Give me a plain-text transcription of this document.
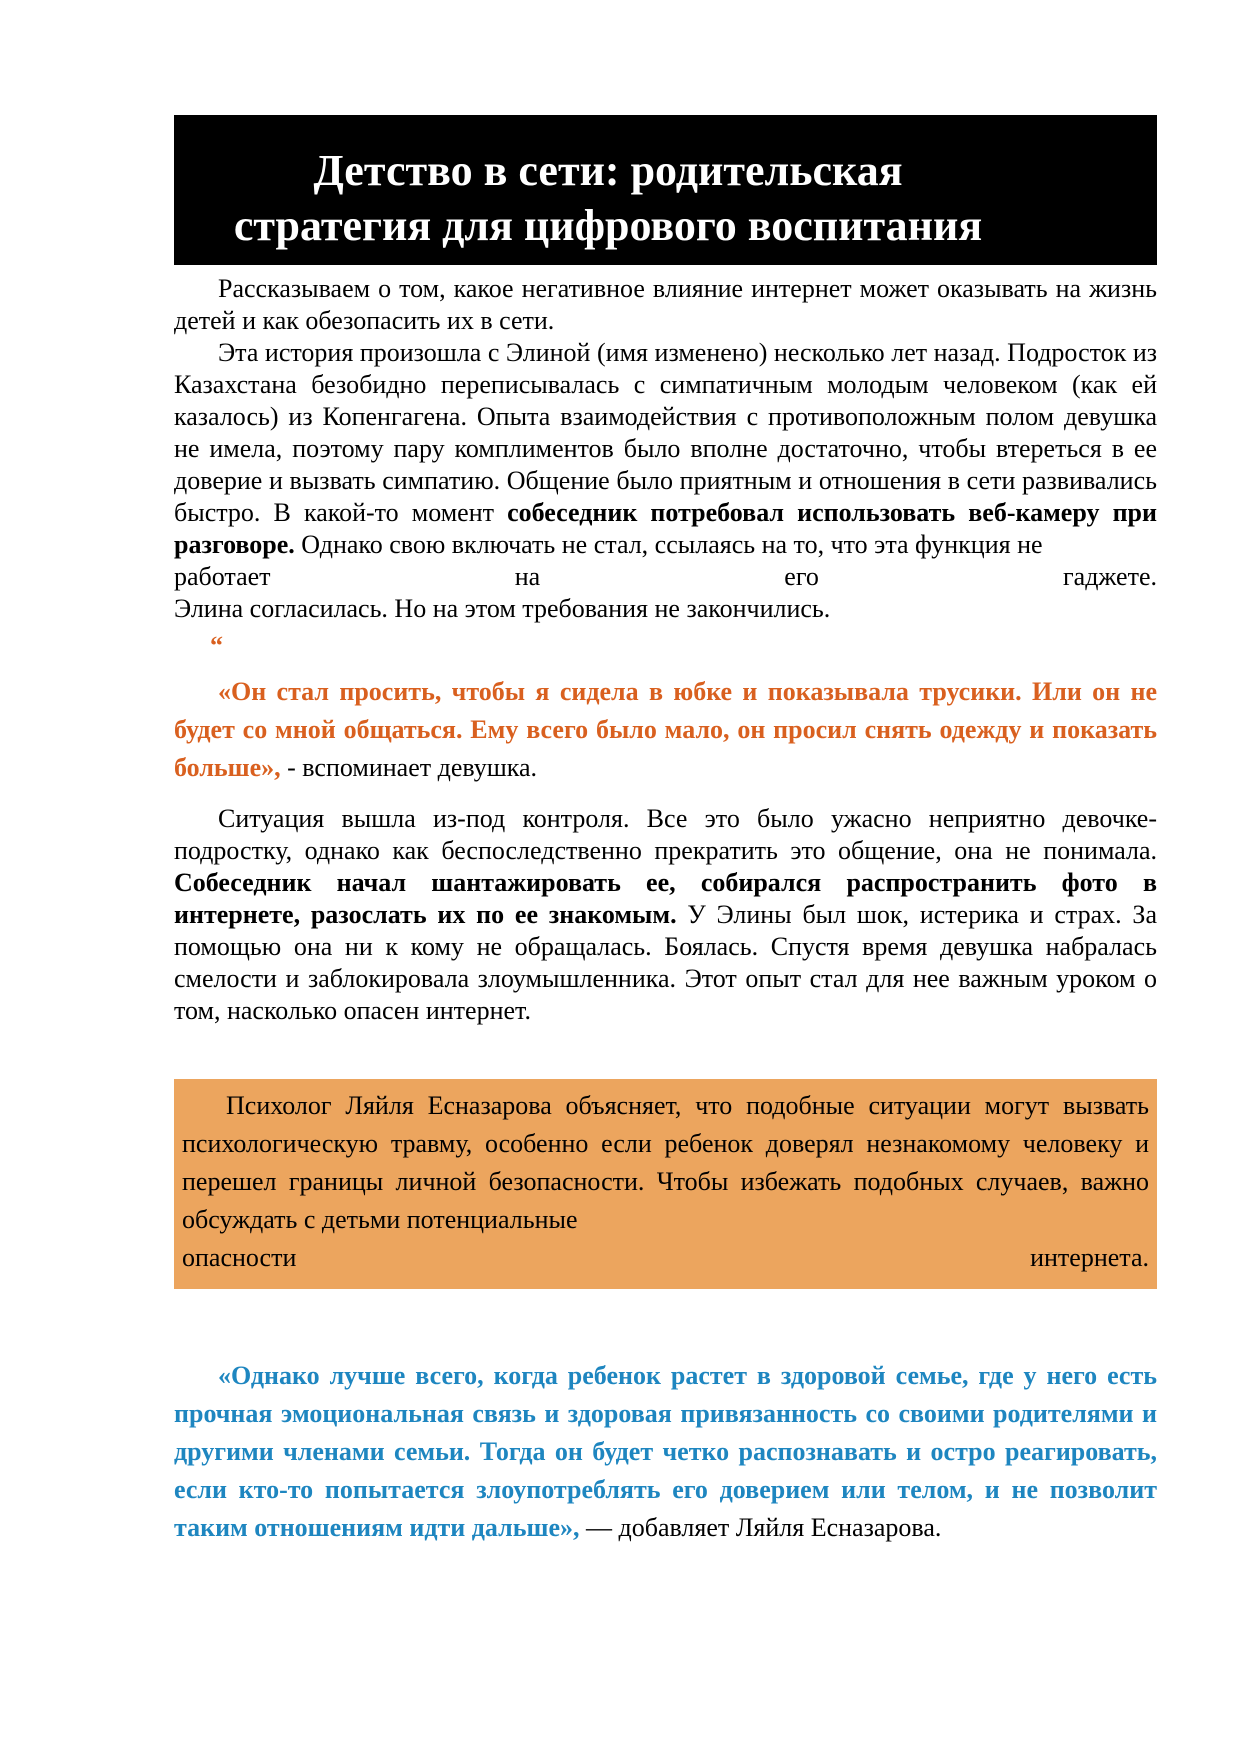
Детство в сети: родительская
стратегия для цифрового воспитания

Рассказываем о том, какое негативное влияние интернет может оказывать на жизнь детей и как обезопасить их в сети.

Эта история произошла с Элиной (имя изменено) несколько лет назад. Подросток из Казахстана безобидно переписывалась с симпатичным молодым человеком (как ей казалось) из Копенгагена. Опыта взаимодействия с противоположным полом девушка не имела, поэтому пару комплиментов было вполне достаточно, чтобы втереться в ее доверие и вызвать симпатию. Общение было приятным и отношения в сети развивались быстро. В какой-то момент собеседник потребовал использовать веб-камеру при разговоре. Однако свою включать не стал, ссылаясь на то, что эта функция не

работает на его гаджете.
Элина согласилась. Но на этом требования не закончились.
“

«Он стал просить, чтобы я сидела в юбке и показывала трусики. Или он не будет со мной общаться. Ему всего было мало, он просил снять одежду и показать больше», - вспоминает девушка.

Ситуация вышла из-под контроля. Все это было ужасно неприятно девочке-подростку, однако как беспоследственно прекратить это общение, она не понимала. Собеседник начал шантажировать ее, собирался распространить фото в интернете, разослать их по ее знакомым. У Элины был шок, истерика и страх. За помощью она ни к кому не обращалась. Боялась. Спустя время девушка набралась смелости и заблокировала злоумышленника. Этот опыт стал для нее важным уроком о том, насколько опасен интернет.

Психолог Ляйля Есназарова объясняет, что подобные ситуации могут вызвать психологическую травму, особенно если ребенок доверял незнакомому человеку и перешел границы личной безопасности. Чтобы избежать подобных случаев, важно обсуждать с детьми потенциальные

опасности интернета.

«Однако лучше всего, когда ребенок растет в здоровой семье, где у него есть прочная эмоциональная связь и здоровая привязанность со своими родителями и другими членами семьи. Тогда он будет четко распознавать и остро реагировать, если кто-то попытается злоупотреблять его доверием или телом, и не позволит таким отношениям идти дальше», — добавляет Ляйля Есназарова.
